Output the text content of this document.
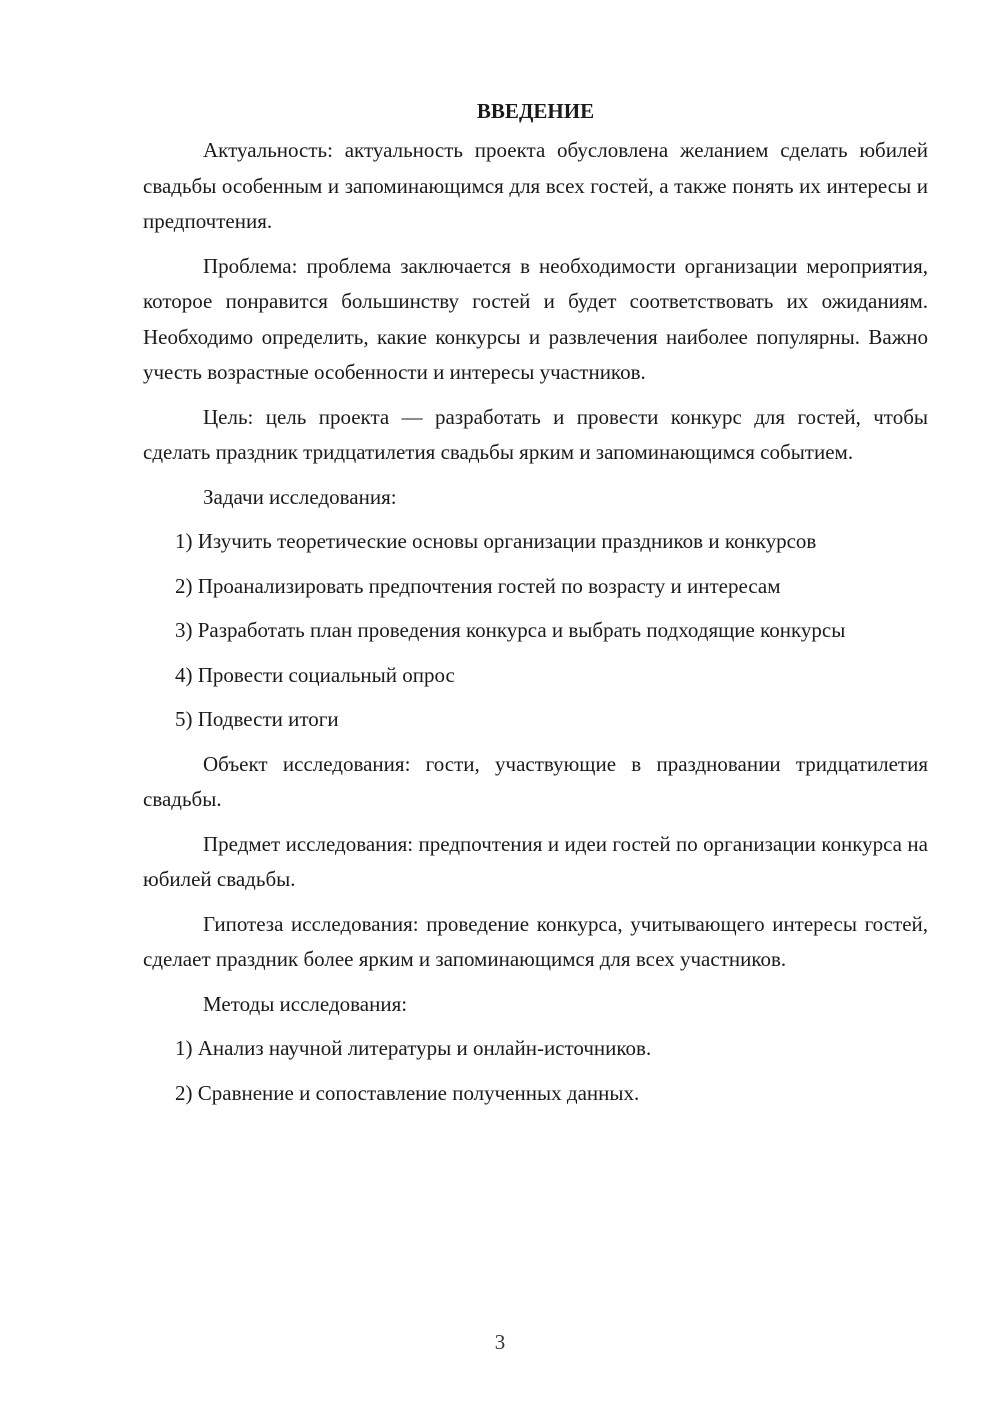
ВВЕДЕНИЕ

Актуальность: актуальность проекта обусловлена желанием сделать юбилей свадьбы особенным и запоминающимся для всех гостей, а также понять их интересы и предпочтения.

Проблема: проблема заключается в необходимости организации мероприятия, которое понравится большинству гостей и будет соответствовать их ожиданиям. Необходимо определить, какие конкурсы и развлечения наиболее популярны. Важно учесть возрастные особенности и интересы участников.

Цель: цель проекта — разработать и провести конкурс для гостей, чтобы сделать праздник тридцатилетия свадьбы ярким и запоминающимся событием.

Задачи исследования:

1) Изучить теоретические основы организации праздников и конкурсов

2) Проанализировать предпочтения гостей по возрасту и интересам

3) Разработать план проведения конкурса и выбрать подходящие конкурсы

4) Провести социальный опрос

5) Подвести итоги

Объект исследования: гости, участвующие в праздновании тридцатилетия свадьбы.

Предмет исследования: предпочтения и идеи гостей по организации конкурса на юбилей свадьбы.

Гипотеза исследования: проведение конкурса, учитывающего интересы гостей, сделает праздник более ярким и запоминающимся для всех участников.

Методы исследования:

1) Анализ научной литературы и онлайн-источников.

2) Сравнение и сопоставление полученных данных.

3
